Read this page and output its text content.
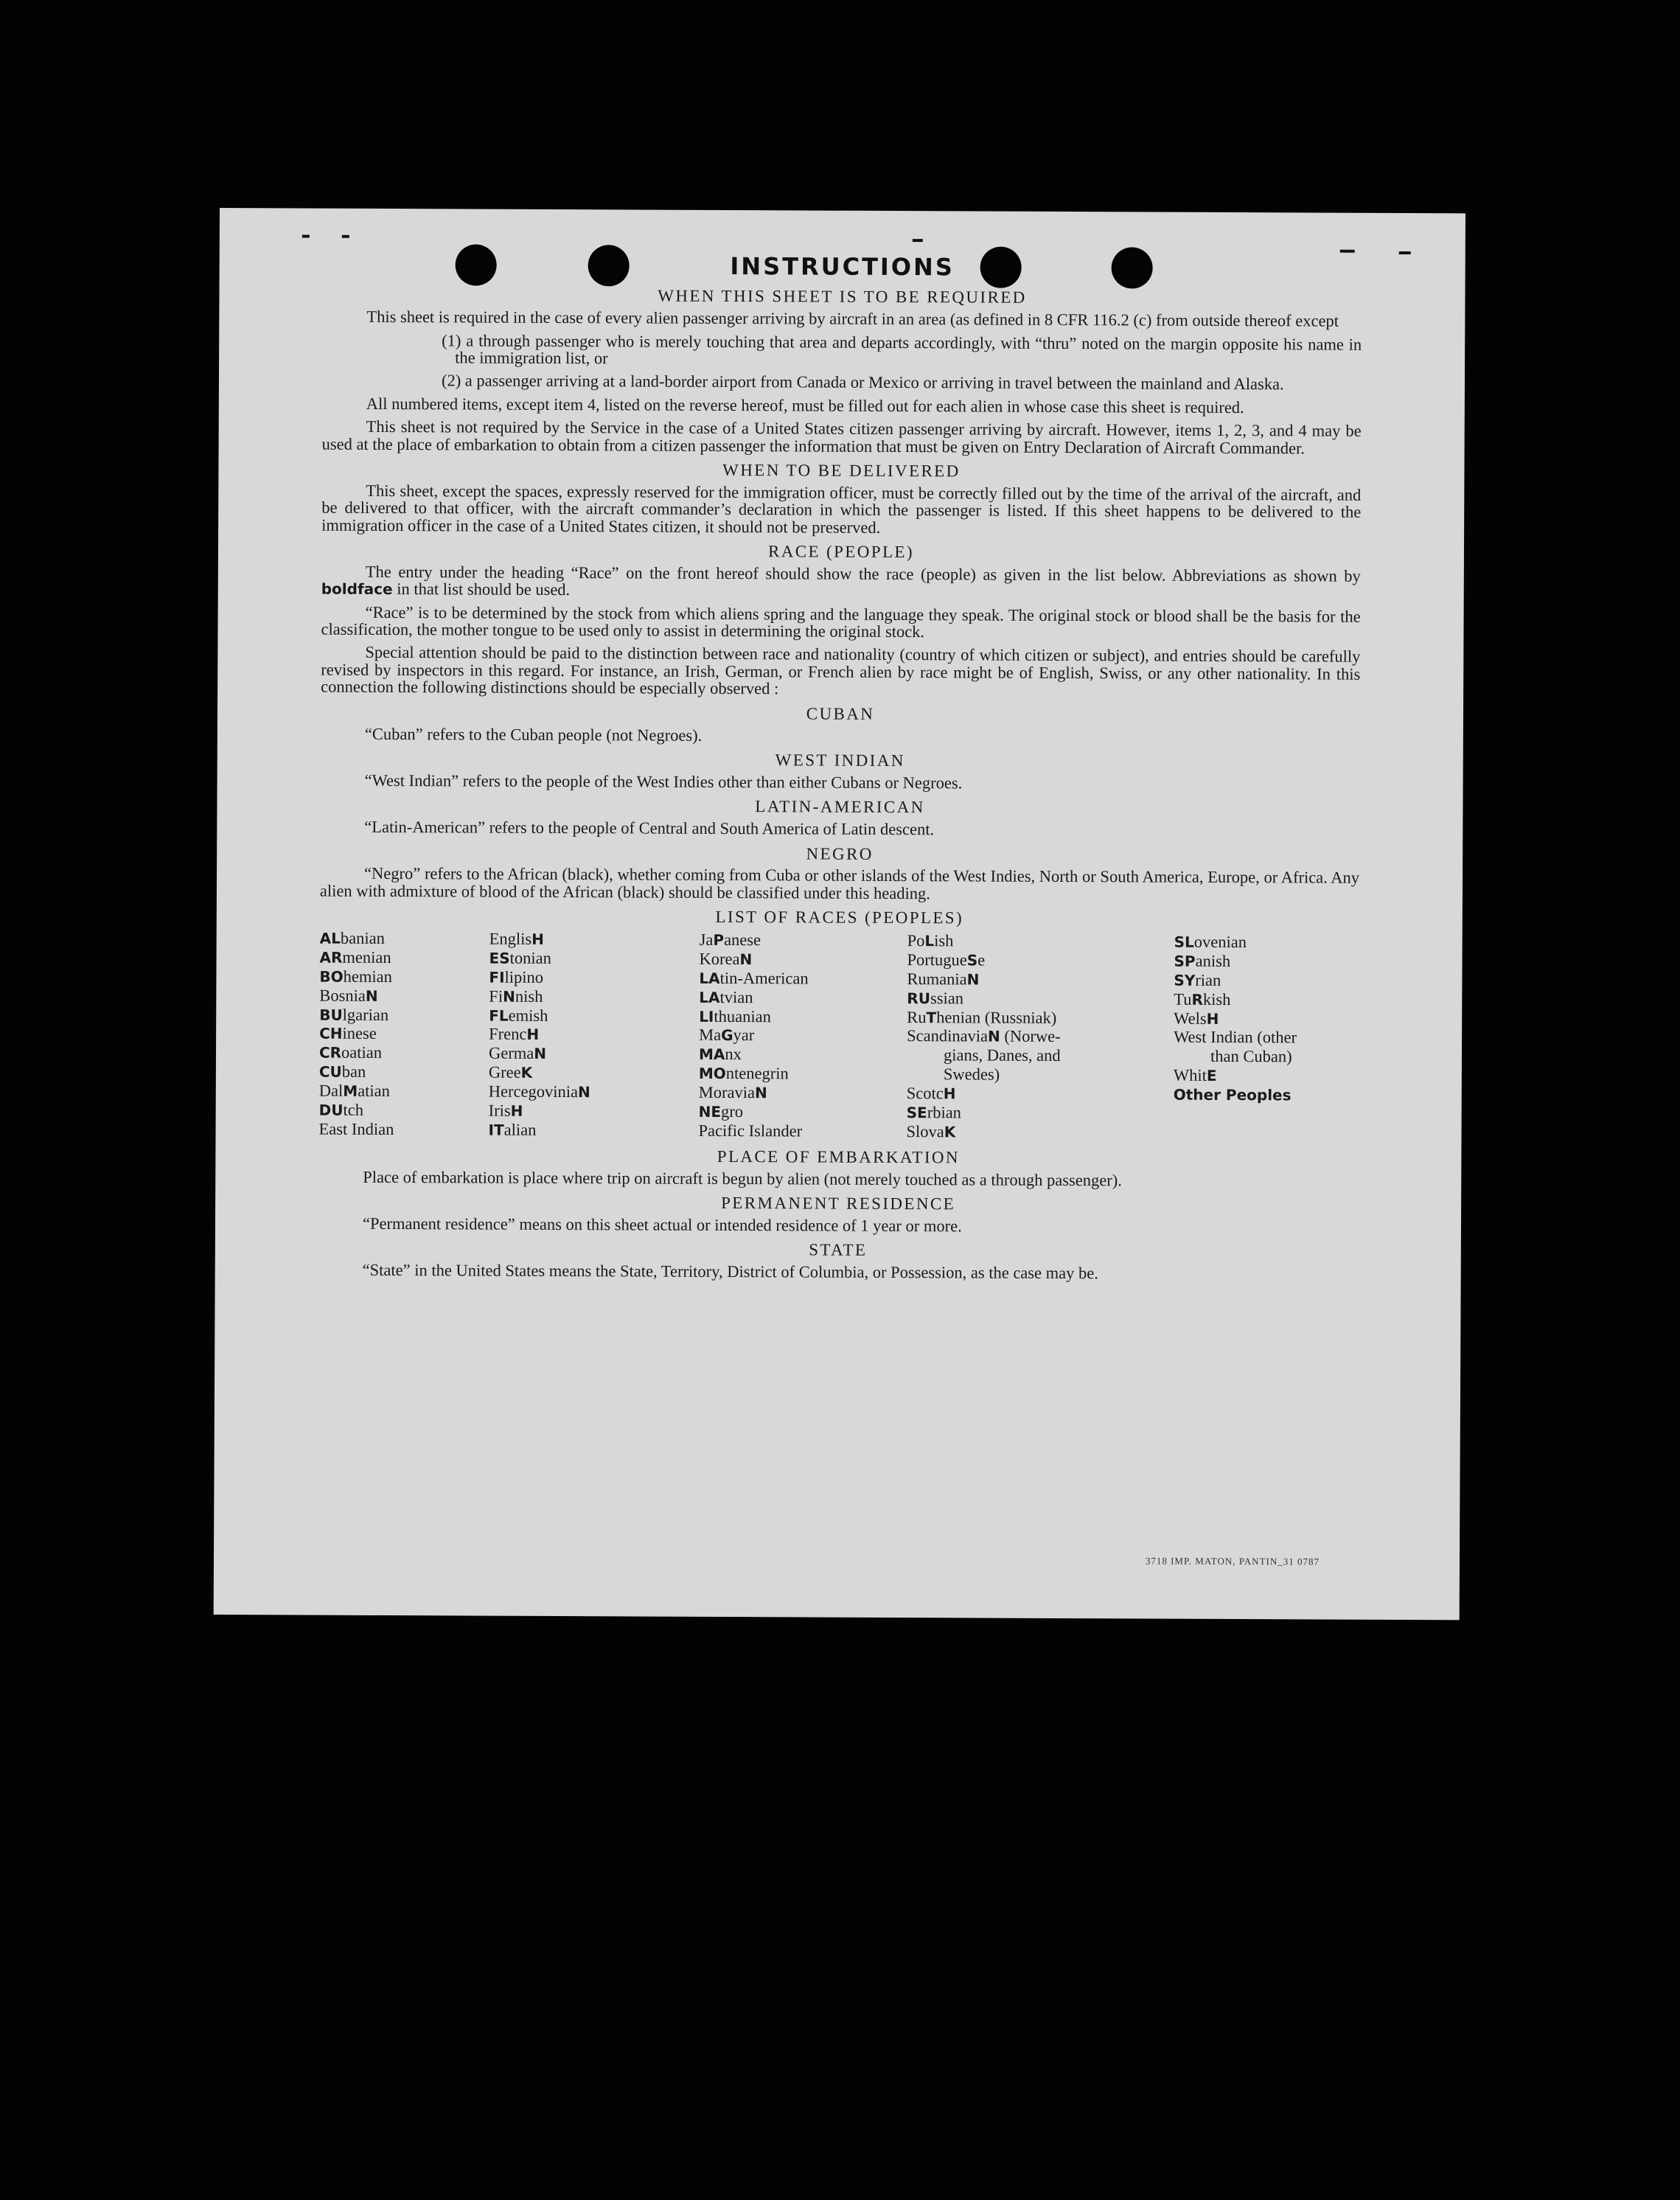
INSTRUCTIONS
WHEN THIS SHEET IS TO BE REQUIRED

This sheet is required in the case of every alien passenger arriving by aircraft in an area (as defined in 8 CFR 116.2 (c) from outside thereof except

(1) a through passenger who is merely touching that area and departs accordingly, with “thru” noted on the margin opposite his name in the immigration list, or
(2) a passenger arriving at a land-border airport from Canada or Mexico or arriving in travel between the mainland and Alaska.

All numbered items, except item 4, listed on the reverse hereof, must be filled out for each alien in whose case this sheet is required.

This sheet is not required by the Service in the case of a United States citizen passenger arriving by aircraft. However, items 1, 2, 3, and 4 may be used at the place of embarkation to obtain from a citizen passenger the information that must be given on Entry Declaration of Aircraft Commander.

WHEN TO BE DELIVERED

This sheet, except the spaces, expressly reserved for the immigration officer, must be correctly filled out by the time of the arrival of the aircraft, and be delivered to that officer, with the aircraft commander’s declaration in which the passenger is listed. If this sheet happens to be delivered to the immigration officer in the case of a United States citizen, it should not be preserved.

RACE (PEOPLE)

The entry under the heading “Race” on the front hereof should show the race (people) as given in the list below. Abbreviations as shown by boldface in that list should be used.

“Race” is to be determined by the stock from which aliens spring and the language they speak. The original stock or blood shall be the basis for the classification, the mother tongue to be used only to assist in determining the original stock.

Special attention should be paid to the distinction between race and nationality (country of which citizen or subject), and entries should be carefully revised by inspectors in this regard. For instance, an Irish, German, or French alien by race might be of English, Swiss, or any other nationality. In this connection the following distinctions should be especially observed :

CUBAN
“Cuban” refers to the Cuban people (not Negroes).
WEST INDIAN
“West Indian” refers to the people of the West Indies other than either Cubans or Negroes.
LATIN-AMERICAN
“Latin-American” refers to the people of Central and South America of Latin descent.
NEGRO

“Negro” refers to the African (black), whether coming from Cuba or other islands of the West Indies, North or South America, Europe, or Africa. Any alien with admixture of blood of the African (black) should be classified under this heading.

LIST OF RACES (PEOPLES)
ALbanian
ARmenian
BOhemian
BosniaN
BUlgarian
CHinese
CRoatian
CUban
DalMatian
DUtch
East Indian
EnglisH
EStonian
FIlipino
FiNnish
FLemish
FrencH
GermaN
GreeK
HercegoviniaN
IrisH
ITalian
JaPanese
KoreaN
LAtin-American
LAtvian
LIthuanian
MaGyar
MAnx
MOntenegrin
MoraviaN
NEgro
Pacific Islander
PoLish
PortugueSe
RumaniaN
RUssian
RuThenian (Russniak)
ScandinaviaN (Norwe-
gians, Danes, and
Swedes)
ScotcH
SErbian
SlovaK
SLovenian
SPanish
SYrian
TuRkish
WelsH
West Indian (other
than Cuban)
WhitE
Other Peoples
PLACE OF EMBARKATION

Place of embarkation is place where trip on aircraft is begun by alien (not merely touched as a through passenger).

PERMANENT RESIDENCE
“Permanent residence” means on this sheet actual or intended residence of 1 year or more.
STATE
“State” in the United States means the State, Territory, District of Columbia, or Possession, as the case may be.
3718 IMP. MATON, PANTIN_31 0787
